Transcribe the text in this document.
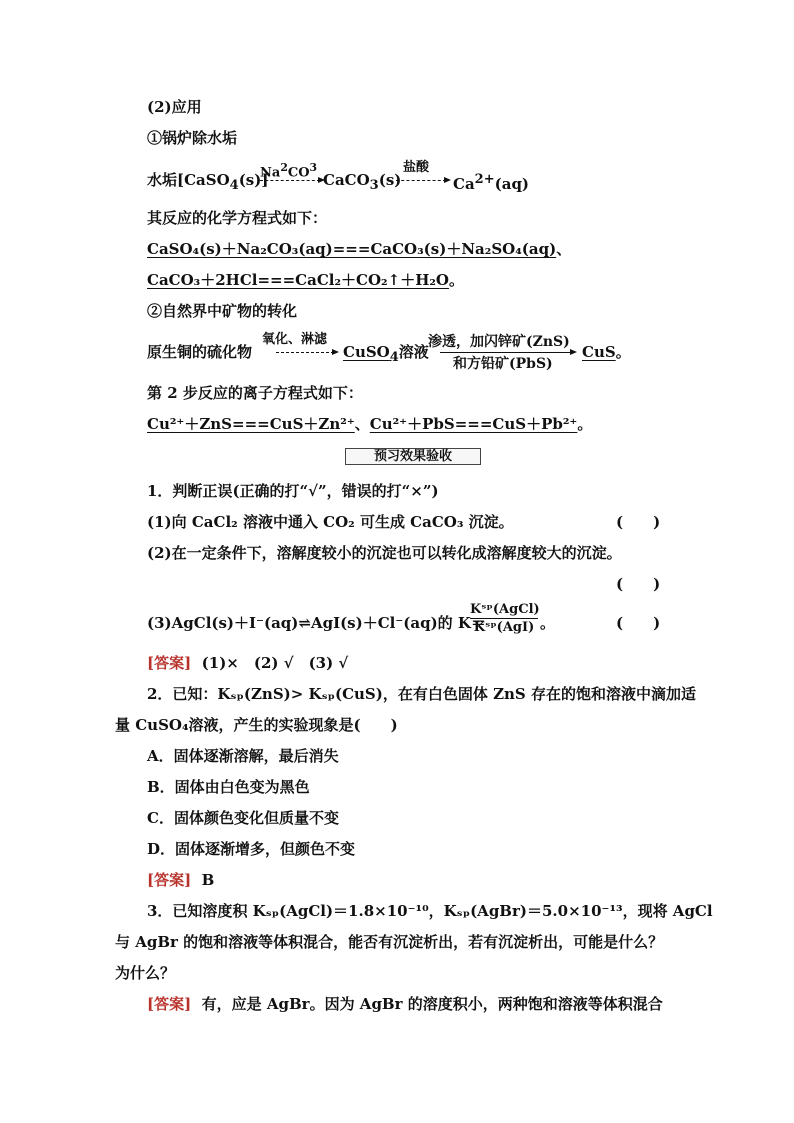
(2)应用
①锅炉除水垢
水垢[CaSO$_4$(s)]
$Na^2CO^3$
→ CaCO$_3$(s)
盐酸
→ $Ca^{2+}(aq)$
其反应的化学方程式如下：
CaSO₄(s)＋Na₂CO₃(aq)===CaCO₃(s)＋Na₂SO₄(aq)、
CaCO₃＋2HCl===CaCl₂＋CO₂↑＋H₂O。
②自然界中矿物的转化
原生铜的硫化物
氧化、淋滤
CuSO$_4$溶液
渗透，加闪锌矿(ZnS)
和方铅矿(PbS)
CuS。
第 2 步反应的离子方程式如下：
Cu²⁺＋ZnS===CuS＋Zn²⁺、Cu²⁺＋PbS===CuS＋Pb²⁺。
预习效果验收
1．判断正误(正确的打“√”，错误的打“×”)
(1)向 CaCl₂ 溶液中通入 CO₂ 可生成 CaCO₃ 沉淀。	(　　)
(2)在一定条件下，溶解度较小的沉淀也可以转化成溶解度较大的沉淀。
(　　)
(3)AgCl(s)＋I⁻(aq)⇌AgI(s)＋Cl⁻(aq)的 K＝
Kˢᵖ(AgCl)
Kˢᵖ(AgI) 。	(　　)
[答案] (1)×　(2) √　(3) √
2．已知：Kₛₚ(ZnS)> Kₛₚ(CuS)，在有白色固体 ZnS 存在的饱和溶液中滴加适
量 CuSO₄溶液，产生的实验现象是(　　)
A．固体逐渐溶解，最后消失
B．固体由白色变为黑色
C．固体颜色变化但质量不变
D．固体逐渐增多，但颜色不变
[答案] B
3．已知溶度积 Kₛₚ(AgCl)＝1.8×10⁻¹⁰，Kₛₚ(AgBr)＝5.0×10⁻¹³，现将 AgCl
与 AgBr 的饱和溶液等体积混合，能否有沉淀析出，若有沉淀析出，可能是什么？
为什么？
[答案] 有，应是 AgBr。因为 AgBr 的溶度积小，两种饱和溶液等体积混合
